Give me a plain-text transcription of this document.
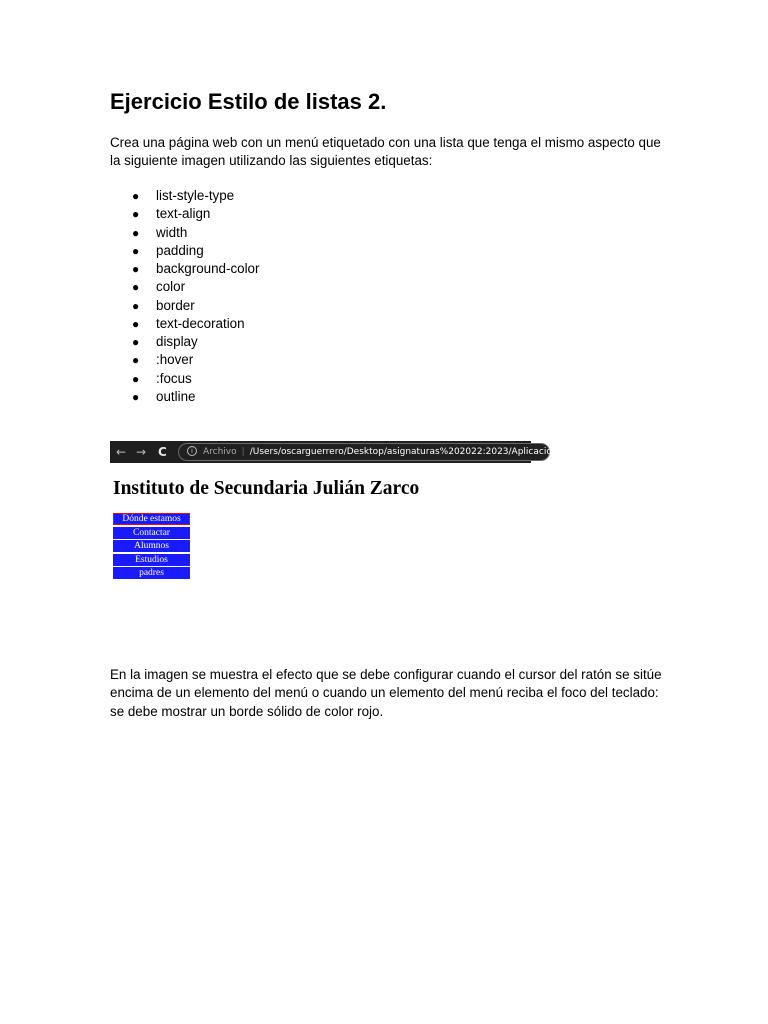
Ejercicio Estilo de listas 2.

Crea una página web con un menú etiquetado con una lista que tenga el mismo aspecto que la siguiente imagen utilizando las siguientes etiquetas:

● list-style-type
● text-align
● width
● padding
● background-color
● color
● border
● text-decoration
● display
● :hover
● :focus
● outline
← → C	i Archivo | /Users/oscarguerrero/Desktop/asignaturas%202022:2023/Aplicaciones
Instituto de Secundaria Julián Zarco
Dónde estamos
Contactar
Alumnos
Estudios
padres

En la imagen se muestra el efecto que se debe configurar cuando el cursor del ratón se sitúe encima de un elemento del menú o cuando un elemento del menú reciba el foco del teclado: se debe mostrar un borde sólido de color rojo.
